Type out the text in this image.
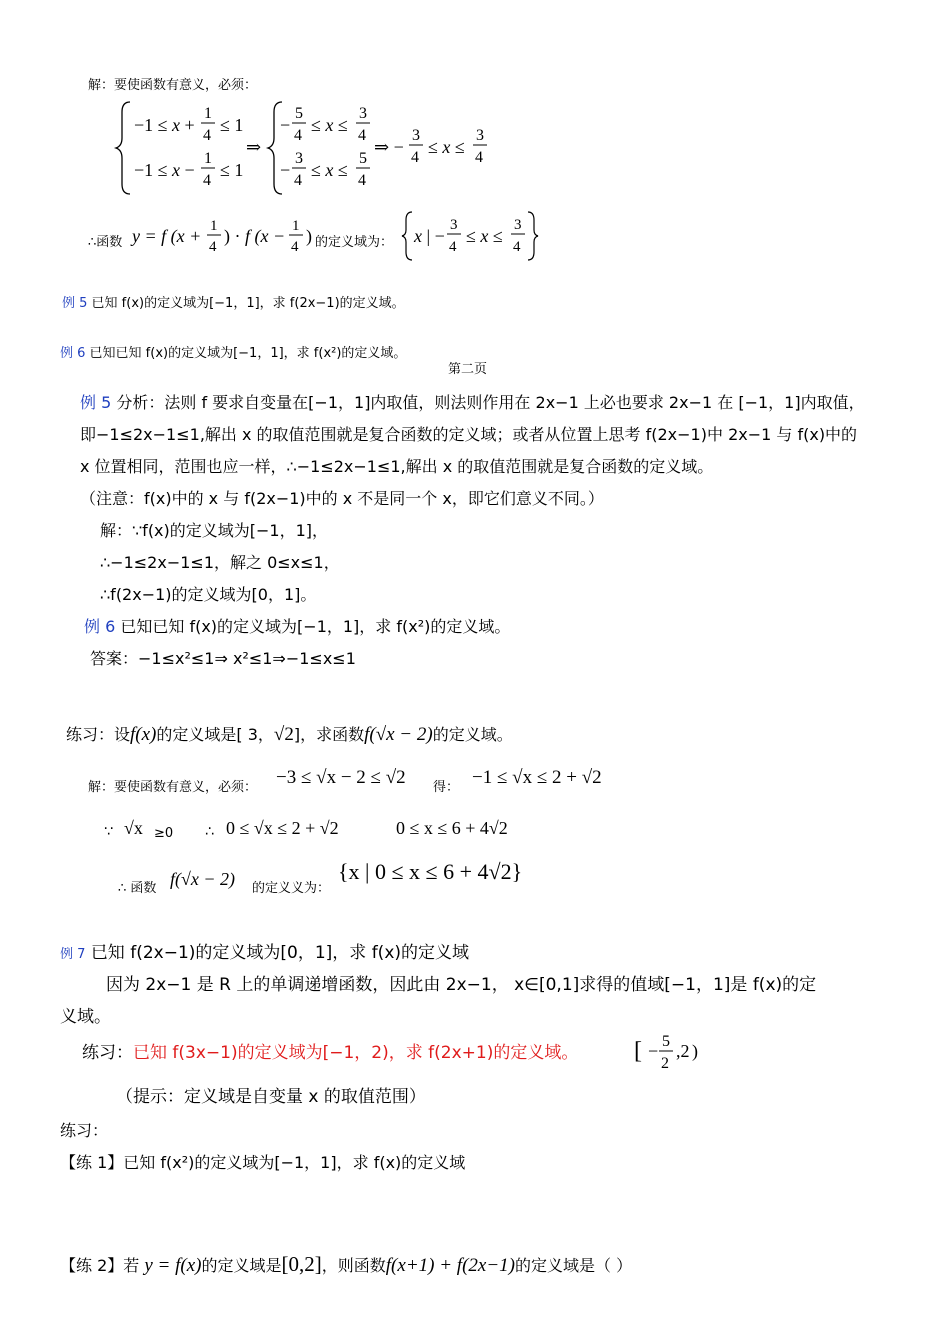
解：要使函数有意义，必须：
−1 ≤ x +
1
4
≤ 1
−1 ≤ x −
1
4
≤ 1
⇒
−
5
4
≤ x ≤
3
4
−
3
4
≤ x ≤
5
4
⇒ −
3
4
≤ x ≤
3
4
∴函数 y = f (x + 1
4
) · f (x − 1
4
) 的定义域为： x | −
3
4
≤ x ≤
3
4
例 5 已知 f(x)的定义域为[−1，1]，求 f(2x−1)的定义域。
例 6 已知已知 f(x)的定义域为[−1，1]，求 f(x²)的定义域。
第二页
例 5 分析：法则 f 要求自变量在[−1，1]内取值，则法则作用在 2x−1 上必也要求 2x−1 在 [−1，1]内取值，
即−1≤2x−1≤1,解出 x 的取值范围就是复合函数的定义域；或者从位置上思考 f(2x−1)中 2x−1 与 f(x)中的
x 位置相同，范围也应一样，∴−1≤2x−1≤1,解出 x 的取值范围就是复合函数的定义域。
（注意：f(x)中的 x 与 f(2x−1)中的 x 不是同一个 x，即它们意义不同。）
解：∵f(x)的定义域为[−1，1]，
∴−1≤2x−1≤1，解之 0≤x≤1，
∴f(2x−1)的定义域为[0，1]。
例 6 已知已知 f(x)的定义域为[−1，1]，求 f(x²)的定义域。
答案：−1≤x²≤1⇒ x²≤1⇒−1≤x≤1
练习：设f(x)的定义域是[ 3，√2]，求函数f(√x − 2)的定义域。
解：要使函数有意义，必须： −3 ≤ √x − 2 ≤ √2 得： −1 ≤ √x ≤ 2 + √2
∵ √x ≥0 ∴ 0 ≤ √x ≤ 2 + √2	0 ≤ x ≤ 6 + 4√2
∴ 函数 f(√x − 2) 的定义义为：
{x | 0 ≤ x ≤ 6 + 4√2}
例 7 已知 f(2x−1)的定义域为[0，1]，求 f(x)的定义域
因为 2x−1 是 R 上的单调递增函数，因此由 2x−1， x∈[0,1]求得的值域[−1，1]是 f(x)的定
义域。
练习：已知 f(3x−1)的定义域为[−1，2)，求 f(2x+1)的定义域。 [ − 5
2
,2 )
（提示：定义域是自变量 x 的取值范围）
练习：
【练 1】已知 f(x²)的定义域为[−1，1]，求 f(x)的定义域
【练 2】若 y = f(x)的定义域是[0,2]，则函数f(x+1) + f(2x−1)的定义域是（ ）
